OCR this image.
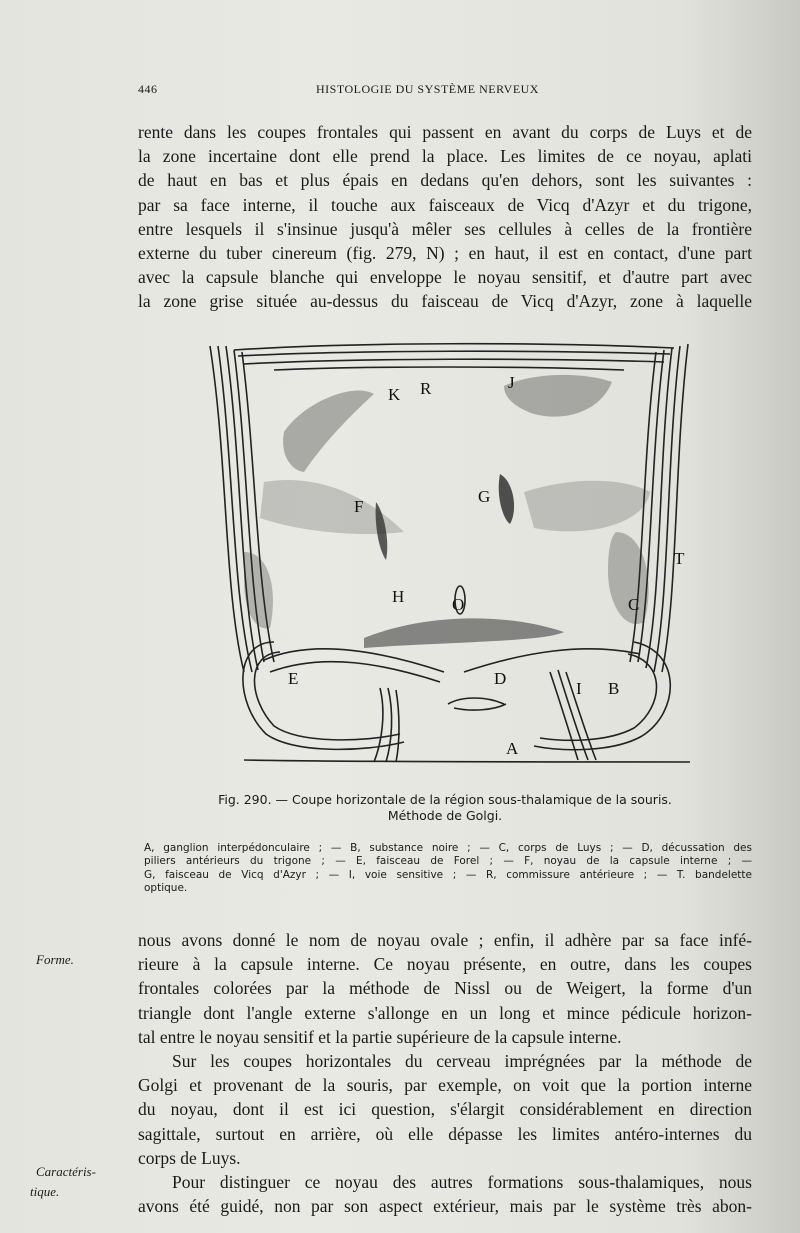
446	HISTOLOGIE DU SYSTÈME NERVEUX
rente dans les coupes frontales qui passent en avant du corps de Luys et de
la zone incertaine dont elle prend la place. Les limites de ce noyau, aplati
de haut en bas et plus épais en dedans qu'en dehors, sont les suivantes :
par sa face interne, il touche aux faisceaux de Vicq d'Azyr et du trigone,
entre lesquels il s'insinue jusqu'à mêler ses cellules à celles de la frontière
externe du tuber cinereum (fig. 279, N) ; en haut, il est en contact, d'une part
avec la capsule blanche qui enveloppe le noyau sensitif, et d'autre part avec
la zone grise située au-dessus du faisceau de Vicq d'Azyr, zone à laquelle
K R	J
F
G
T
H	O	C
E	D
I B
A
Fig. 290. — Coupe horizontale de la région sous-thalamique de la souris.
Méthode de Golgi.
A, ganglion interpédonculaire ; — B, substance noire ; — C, corps de Luys ; — D, décussation des
piliers antérieurs du trigone ; — E, faisceau de Forel ; — F, noyau de la capsule interne ; —
G, faisceau de Vicq d'Azyr ; — I, voie sensitive ; — R, commissure antérieure ; — T. bandelette
optique.
nous avons donné le nom de noyau ovale ; enfin, il adhère par sa face infé-
rieure à la capsule interne. Ce noyau présente, en outre, dans les coupes
frontales colorées par la méthode de Nissl ou de Weigert, la forme d'un
triangle dont l'angle externe s'allonge en un long et mince pédicule horizon-
tal entre le noyau sensitif et la partie supérieure de la capsule interne.
Sur les coupes horizontales du cerveau imprégnées par la méthode de
Golgi et provenant de la souris, par exemple, on voit que la portion interne
du noyau, dont il est ici question, s'élargit considérablement en direction
sagittale, surtout en arrière, où elle dépasse les limites antéro-internes du
corps de Luys.
Pour distinguer ce noyau des autres formations sous-thalamiques, nous
avons été guidé, non par son aspect extérieur, mais par le système très abon-
Forme.
Caractéris-
tique.
